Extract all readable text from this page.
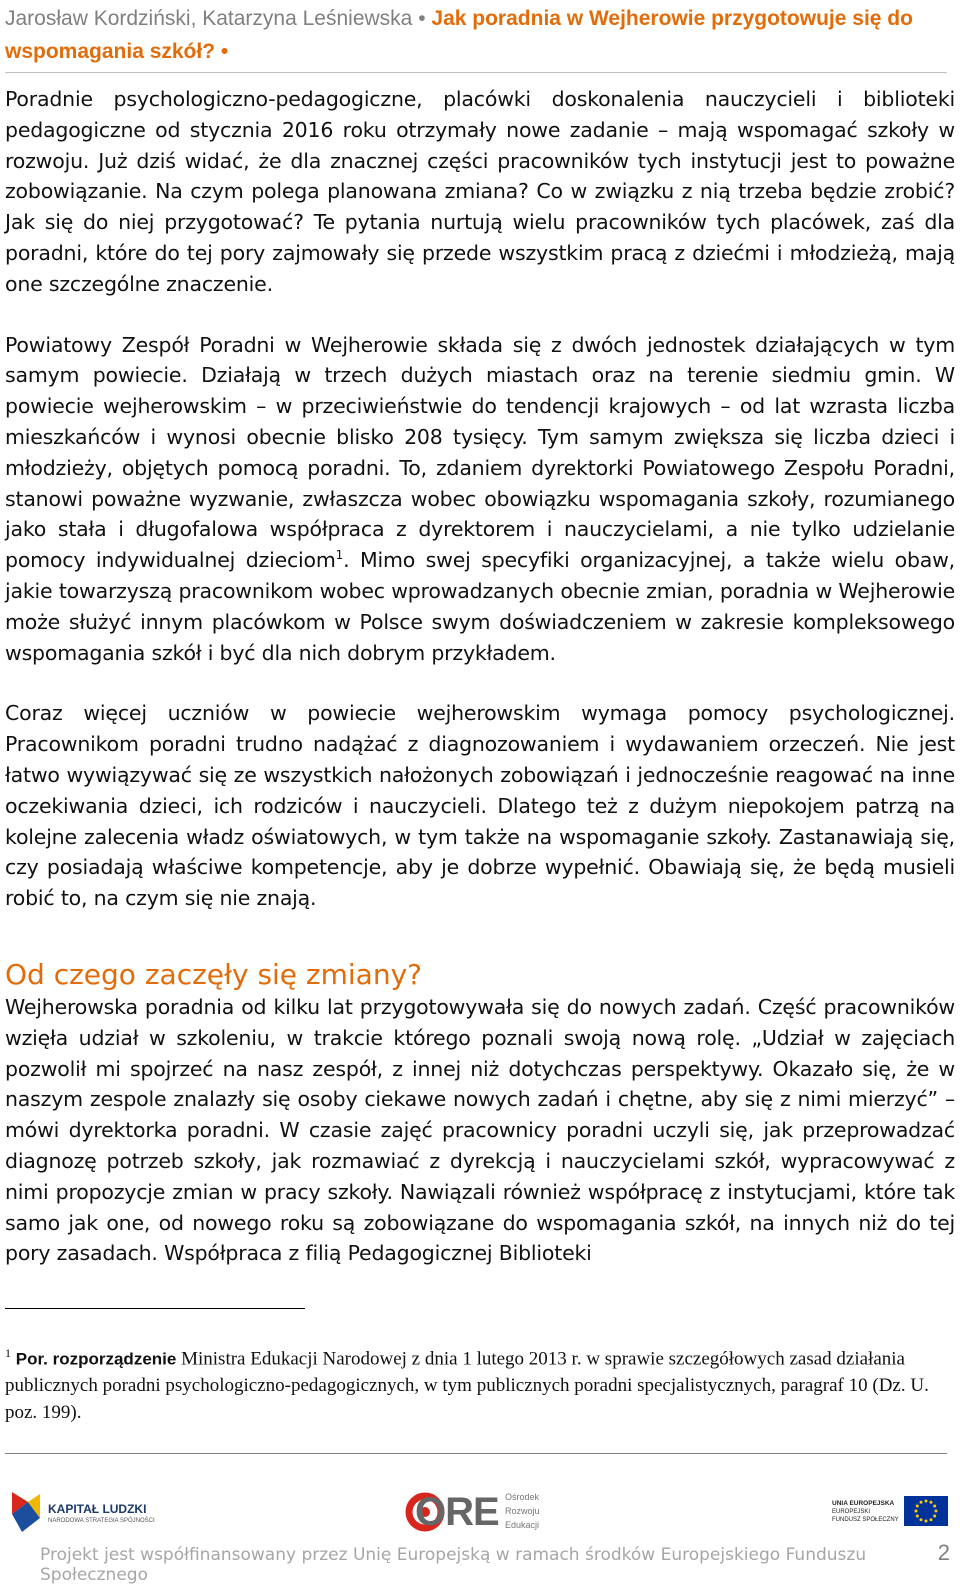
Jarosław Kordziński, Katarzyna Leśniewska • Jak poradnia w Wejherowie przygotowuje się do wspomagania szkół? •

Poradnie psychologiczno-pedagogiczne, placówki doskonalenia nauczycieli i biblioteki pedagogiczne od stycznia 2016 roku otrzymały nowe zadanie – mają wspomagać szkoły w rozwoju. Już dziś widać, że dla znacznej części pracowników tych instytucji jest to poważne zobowiązanie. Na czym polega planowana zmiana? Co w związku z nią trzeba będzie zrobić? Jak się do niej przygotować? Te pytania nurtują wielu pracowników tych placówek, zaś dla poradni, które do tej pory zajmowały się przede wszystkim pracą z dziećmi i młodzieżą, mają one szczególne znaczenie.

Powiatowy Zespół Poradni w Wejherowie składa się z dwóch jednostek działających w tym samym powiecie. Działają w trzech dużych miastach oraz na terenie siedmiu gmin. W powiecie wejherowskim – w przeciwieństwie do tendencji krajowych – od lat wzrasta liczba mieszkańców i wynosi obecnie blisko 208 tysięcy. Tym samym zwiększa się liczba dzieci i młodzieży, objętych pomocą poradni. To, zdaniem dyrektorki Powiatowego Zespołu Poradni, stanowi poważne wyzwanie, zwłaszcza wobec obowiązku wspomagania szkoły, rozumianego jako stała i długofalowa współpraca z dyrektorem i nauczycielami, a nie tylko udzielanie pomocy indywidualnej dzieciom$^1$. Mimo swej specyfiki organizacyjnej, a także wielu obaw, jakie towarzyszą pracownikom wobec wprowadzanych obecnie zmian, poradnia w Wejherowie może służyć innym placówkom w Polsce swym doświadczeniem w zakresie kompleksowego wspomagania szkół i być dla nich dobrym przykładem.

Coraz więcej uczniów w powiecie wejherowskim wymaga pomocy psychologicznej. Pracownikom poradni trudno nadążać z diagnozowaniem i wydawaniem orzeczeń. Nie jest łatwo wywiązywać się ze wszystkich nałożonych zobowiązań i jednocześnie reagować na inne oczekiwania dzieci, ich rodziców i nauczycieli. Dlatego też z dużym niepokojem patrzą na kolejne zalecenia władz oświatowych, w tym także na wspomaganie szkoły. Zastanawiają się, czy posiadają właściwe kompetencje, aby je dobrze wypełnić. Obawiają się, że będą musieli robić to, na czym się nie znają.

Od czego zaczęły się zmiany?

Wejherowska poradnia od kilku lat przygotowywała się do nowych zadań. Część pracowników wzięła udział w szkoleniu, w trakcie którego poznali swoją nową rolę. „Udział w zajęciach pozwolił mi spojrzeć na nasz zespół, z innej niż dotychczas perspektywy. Okazało się, że w naszym zespole znalazły się osoby ciekawe nowych zadań i chętne, aby się z nimi mierzyć” – mówi dyrektorka poradni. W czasie zajęć pracownicy poradni uczyli się, jak przeprowadzać diagnozę potrzeb szkoły, jak rozmawiać z dyrekcją i nauczycielami szkół, wypracowywać z nimi propozycje zmian w pracy szkoły. Nawiązali również współpracę z instytucjami, które tak samo jak one, od nowego roku są zobowiązane do wspomagania szkół, na innych niż do tej pory zasadach. Współpraca z filią Pedagogicznej Biblioteki

$^1$ Por. rozporządzenie Ministra Edukacji Narodowej z dnia 1 lutego 2013 r. w sprawie szczegółowych zasad działania publicznych poradni psychologiczno-pedagogicznych, w tym publicznych poradni specjalistycznych, paragraf 10 (Dz. U. poz. 199).
KAPITAŁ LUDZKI
NARODOWA STRATEGIA SPÓJNOŚCI	ORE Ośrodek
Rozwoju
Edukacji
UNIA EUROPEJSKA
EUROPEJSKI
FUNDUSZ SPOŁECZNY
Projekt jest współfinansowany przez Unię Europejską w ramach środków Europejskiego Funduszu Społecznego
2
